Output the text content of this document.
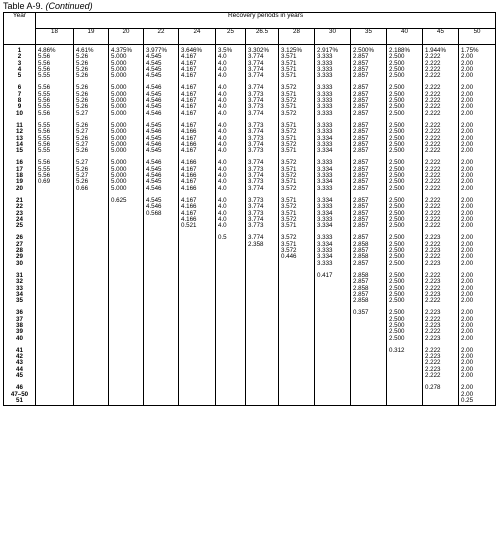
Table A-9. (Continued)
Year	Recovery periods in years												
	18	19	20	22	24	25	26.5	28	30	35	40	45	50
1	4.86%	4.61%	4.375%	3.977%	3.646%	3.5%	3.302%	3.125%	2.917%	2.500%	2.188%	1.944%	1.75%
2	5.56	5.26	5.000	4.545	4.167	4.0	3.774	3.571	3.333	2.857	2.500	2.222	2.00
3	5.56	5.26	5.000	4.545	4.167	4.0	3.774	3.571	3.333	2.857	2.500	2.222	2.00
4	5.56	5.26	5.000	4.545	4.167	4.0	3.774	3.571	3.333	2.857	2.500	2.222	2.00
5	5.55	5.26	5.000	4.545	4.167	4.0	3.774	3.571	3.333	2.857	2.500	2.222	2.00
6	5.56	5.26	5.000	4.546	4.167	4.0	3.774	3.572	3.333	2.857	2.500	2.222	2.00
7	5.55	5.26	5.000	4.545	4.167	4.0	3.773	3.571	3.333	2.857	2.500	2.222	2.00
8	5.56	5.26	5.000	4.546	4.167	4.0	3.774	3.572	3.333	2.857	2.500	2.222	2.00
9	5.55	5.26	5.000	4.545	4.167	4.0	3.773	3.571	3.333	2.857	2.500	2.222	2.00
10	5.56	5.27	5.000	4.546	4.167	4.0	3.774	3.572	3.333	2.857	2.500	2.222	2.00
11	5.55	5.26	5.000	4.545	4.167	4.0	3.773	3.571	3.333	2.857	2.500	2.222	2.00
12	5.56	5.27	5.000	4.546	4.166	4.0	3.774	3.572	3.333	2.857	2.500	2.222	2.00
13	5.55	5.26	5.000	4.545	4.167	4.0	3.773	3.571	3.334	2.857	2.500	2.222	2.00
14	5.56	5.27	5.000	4.546	4.166	4.0	3.774	3.572	3.333	2.857	2.500	2.222	2.00
15	5.55	5.26	5.000	4.545	4.167	4.0	3.773	3.571	3.334	2.857	2.500	2.222	2.00
16	5.56	5.27	5.000	4.546	4.166	4.0	3.774	3.572	3.333	2.857	2.500	2.222	2.00
17	5.55	5.26	5.000	4.545	4.167	4.0	3.773	3.571	3.334	2.857	2.500	2.222	2.00
18	5.56	5.27	5.000	4.546	4.166	4.0	3.774	3.572	3.333	2.857	2.500	2.222	2.00
19	0.69	5.26	5.000	4.545	4.167	4.0	3.773	3.571	3.334	2.857	2.500	2.222	2.00
20		0.66	5.000	4.546	4.166	4.0	3.774	3.572	3.333	2.857	2.500	2.222	2.00
21			0.625	4.545	4.167	4.0	3.773	3.571	3.334	2.857	2.500	2.222	2.00
22				4.546	4.166	4.0	3.774	3.572	3.333	2.857	2.500	2.222	2.00
23				0.568	4.167	4.0	3.773	3.571	3.334	2.857	2.500	2.222	2.00
24					4.166	4.0	3.774	3.572	3.333	2.857	2.500	2.222	2.00
25					0.521	4.0	3.773	3.571	3.334	2.857	2.500	2.222	2.00
26						0.5	3.774	3.572	3.333	2.857	2.500	2.223	2.00
27							2.358	3.571	3.334	2.858	2.500	2.222	2.00
28								3.572	3.333	2.857	2.500	2.223	2.00
29								0.446	3.334	2.858	2.500	2.222	2.00
30									3.333	2.857	2.500	2.223	2.00
31									0.417	2.858	2.500	2.222	2.00
32										2.857	2.500	2.223	2.00
33										2.858	2.500	2.222	2.00
34										2.857	2.500	2.223	2.00
35										2.858	2.500	2.222	2.00
36										0.357	2.500	2.223	2.00
37											2.500	2.222	2.00
38											2.500	2.223	2.00
39											2.500	2.222	2.00
40											2.500	2.223	2.00
41											0.312	2.222	2.00
42												2.223	2.00
43												2.222	2.00
44												2.223	2.00
45												2.222	2.00
46												0.278	2.00
47–50													2.00
51													0.25
